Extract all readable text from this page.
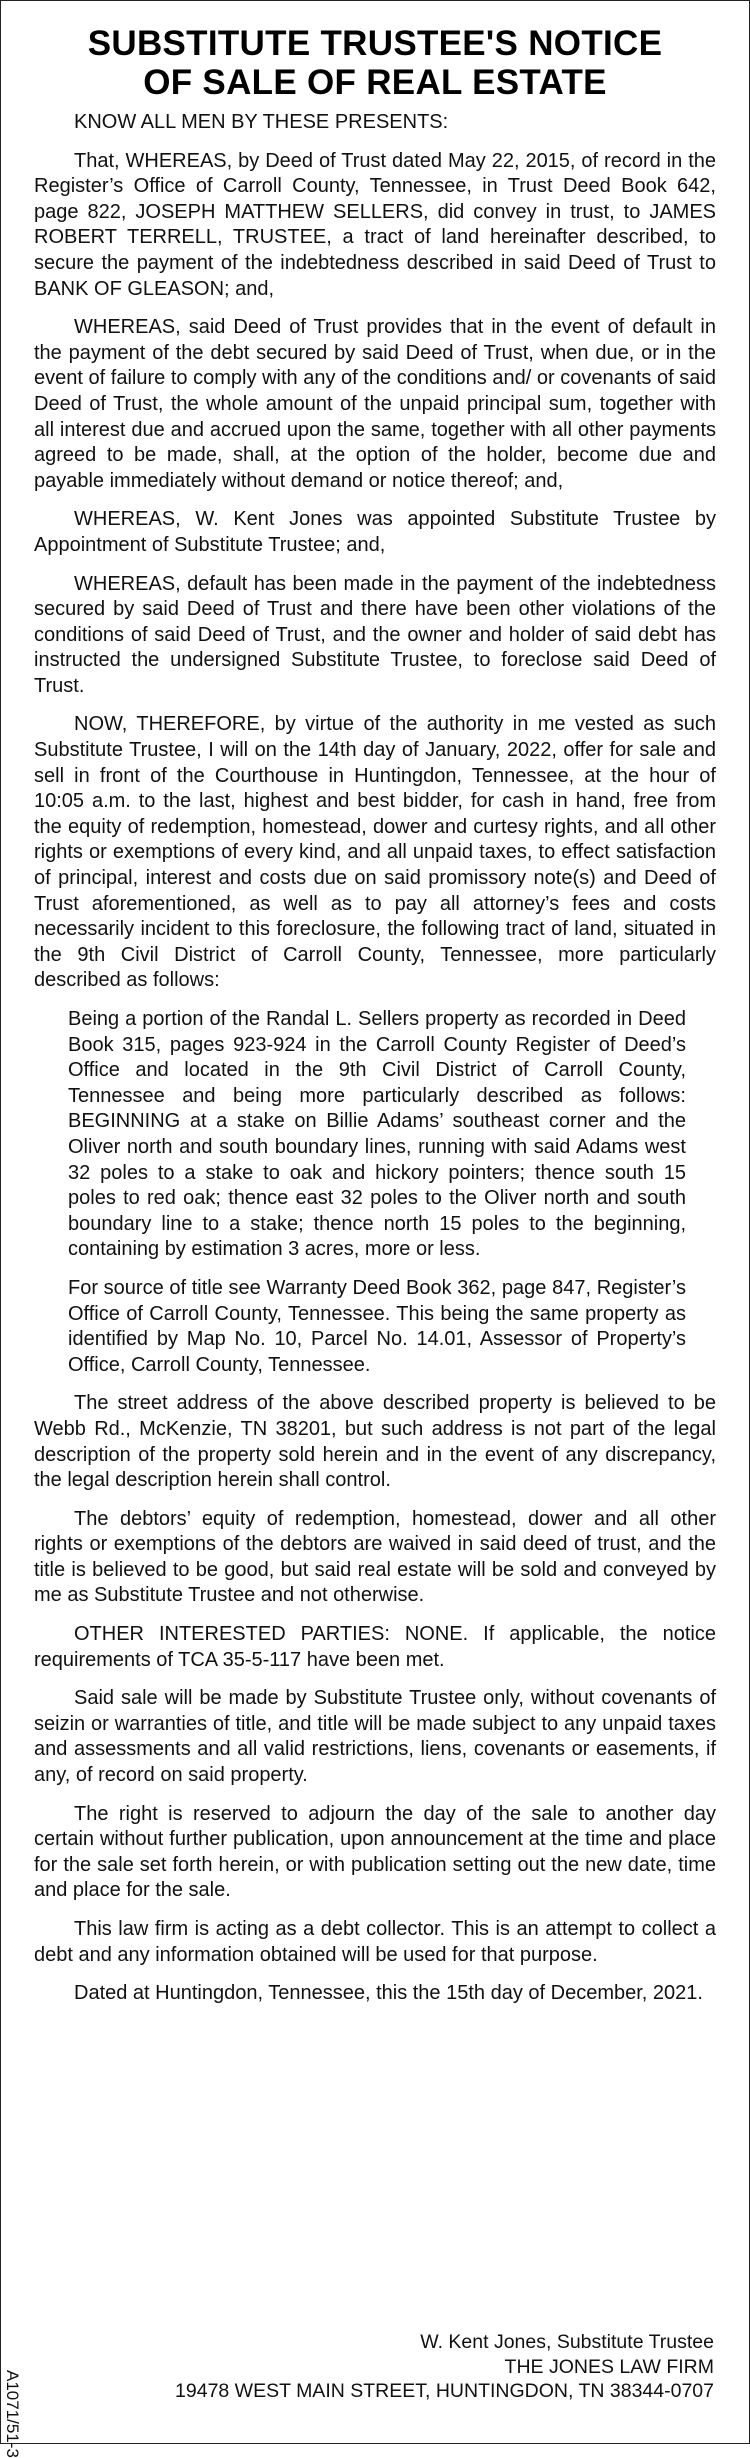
SUBSTITUTE TRUSTEE'S NOTICE
OF SALE OF REAL ESTATE

KNOW ALL MEN BY THESE PRESENTS:

That, WHEREAS, by Deed of Trust dated May 22, 2015, of record in the Register’s Office of Carroll County, Tennessee, in Trust Deed Book 642, page 822, JOSEPH MATTHEW SELLERS, did convey in trust, to JAMES ROBERT TERRELL, TRUSTEE, a tract of land hereinafter described, to secure the payment of the indebtedness described in said Deed of Trust to BANK OF GLEASON; and,

WHEREAS, said Deed of Trust provides that in the event of default in the payment of the debt secured by said Deed of Trust, when due, or in the event of failure to comply with any of the conditions and/ or covenants of said Deed of Trust, the whole amount of the unpaid principal sum, together with all interest due and accrued upon the same, together with all other payments agreed to be made, shall, at the option of the holder, become due and payable immediately without demand or notice thereof; and,

WHEREAS, W. Kent Jones was appointed Substitute Trustee by Appointment of Substitute Trustee; and,

WHEREAS, default has been made in the payment of the indebtedness secured by said Deed of Trust and there have been other violations of the conditions of said Deed of Trust, and the owner and holder of said debt has instructed the undersigned Substitute Trustee, to foreclose said Deed of Trust.

NOW, THEREFORE, by virtue of the authority in me vested as such Substitute Trustee, I will on the 14th day of January, 2022, offer for sale and sell in front of the Courthouse in Huntingdon, Tennessee, at the hour of 10:05 a.m. to the last, highest and best bidder, for cash in hand, free from the equity of redemption, homestead, dower and curtesy rights, and all other rights or exemptions of every kind, and all unpaid taxes, to effect satisfaction of principal, interest and costs due on said promissory note(s) and Deed of Trust aforementioned, as well as to pay all attorney’s fees and costs necessarily incident to this foreclosure, the following tract of land, situated in the 9th Civil District of Carroll County, Tennessee, more particularly described as follows:

Being a portion of the Randal L. Sellers property as recorded in Deed Book 315, pages 923-924 in the Carroll County Register of Deed’s Office and located in the 9th Civil District of Carroll County, Tennessee and being more particularly described as follows: BEGINNING at a stake on Billie Adams’ southeast corner and the Oliver north and south boundary lines, running with said Adams west 32 poles to a stake to oak and hickory pointers; thence south 15 poles to red oak; thence east 32 poles to the Oliver north and south boundary line to a stake; thence north 15 poles to the beginning, containing by estimation 3 acres, more or less.

For source of title see Warranty Deed Book 362, page 847, Register’s Office of Carroll County, Tennessee. This being the same property as identified by Map No. 10, Parcel No. 14.01, Assessor of Property’s Office, Carroll County, Tennessee.

The street address of the above described property is believed to be Webb Rd., McKenzie, TN 38201, but such address is not part of the legal description of the property sold herein and in the event of any discrepancy, the legal description herein shall control.

The debtors’ equity of redemption, homestead, dower and all other rights or exemptions of the debtors are waived in said deed of trust, and the title is believed to be good, but said real estate will be sold and conveyed by me as Substitute Trustee and not otherwise.

OTHER INTERESTED PARTIES: NONE. If applicable, the notice requirements of TCA 35-5-117 have been met.

Said sale will be made by Substitute Trustee only, without covenants of seizin or warranties of title, and title will be made subject to any unpaid taxes and assessments and all valid restrictions, liens, covenants or easements, if any, of record on said property.

The right is reserved to adjourn the day of the sale to another day certain without further publication, upon announcement at the time and place for the sale set forth herein, or with publication setting out the new date, time and place for the sale.

This law firm is acting as a debt collector. This is an attempt to collect a debt and any information obtained will be used for that purpose.

Dated at Huntingdon, Tennessee, this the 15th day of December, 2021.

W. Kent Jones, Substitute Trustee
THE JONES LAW FIRM
19478 WEST MAIN STREET, HUNTINGDON, TN 38344-0707
A1071/51-3
